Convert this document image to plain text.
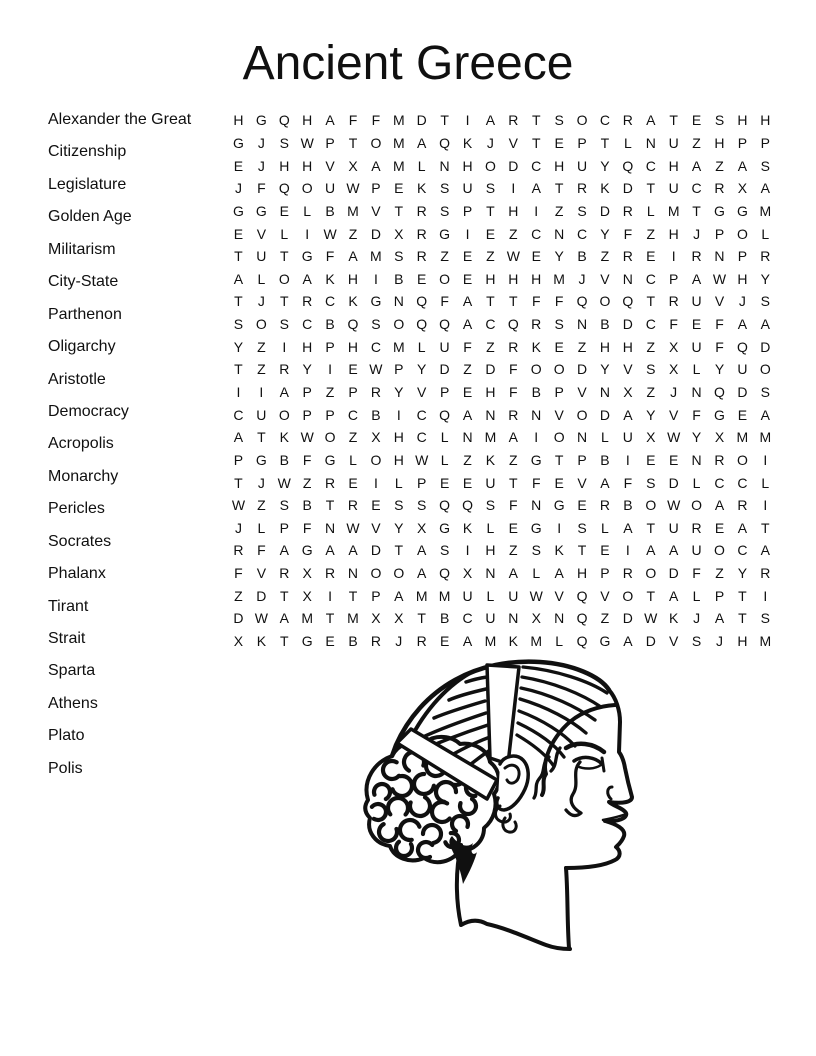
Ancient Greece
Alexander the Great
Citizenship
Legislature
Golden Age
Militarism
City-State
Parthenon
Oligarchy
Aristotle
Democracy
Acropolis
Monarchy
Pericles
Socrates
Phalanx
Tirant
Strait
Sparta
Athens
Plato
Polis
H G Q H A F	F M D T	I	A R T S O C R A T E S H H
G J	S W P T O M A Q K	J	V T E P T	L N U Z H P P
E	J	H H V X A M L N H O D C H U Y Q C H A Z A S
J	F Q O U W P E K S U S	I	A T R K D T U C R X A
G G E	L	B M V T R S P T H	I	Z S D R L M T G G M
E V	L	I	W Z D X R G	I	E Z C N C Y F	Z H	J	P O L
T U T G F A M S R Z E Z W E Y B Z R E	I	R N P R
A	L O A K H	I	B E O E H H H M J	V N C P A W H Y
T	J	T R C K G N Q F A T	T	F	F Q O Q T R U V	J	S
S O S C B Q S O Q Q A C Q R S N B D C F E F A A
Y Z	I	H P H C M L U F	Z R K E Z H H Z X U F Q D
T	Z R Y	I	E W P Y D Z D F O O D Y V S X	L	Y U O
I	I	A P Z P R Y V P E H F B P V N X Z	J	N Q D S
C U O P P C B	I	C Q A N R N V O D A Y V F G E A
A T K W O Z X H C L N M A	I	O N L U X W Y X M M
P G B F G L O H W L	Z K Z G T P B	I	E E N R O	I
T	J W Z R E	I	L	P E E U T	F E V A F S D L C C L
W Z S B T R E S S Q Q S F N G E R B O W O A R	I
J	L	P F N W V Y X G K	L	E G	I	S	L	A T U R E A T
R F A G A A D T A S	I	H Z S K T E	I	A A U O C A
F V R X R N O O A Q X N A	L	A H P R O D F	Z Y R
Z D T X	I	T P A M M U L U W V Q V O T A	L	P T	I
D W A M T M X X T B C U N X N Q Z D W K	J	A T S
X K T G E B R	J	R E A M K M L Q G A D V S	J	H M
